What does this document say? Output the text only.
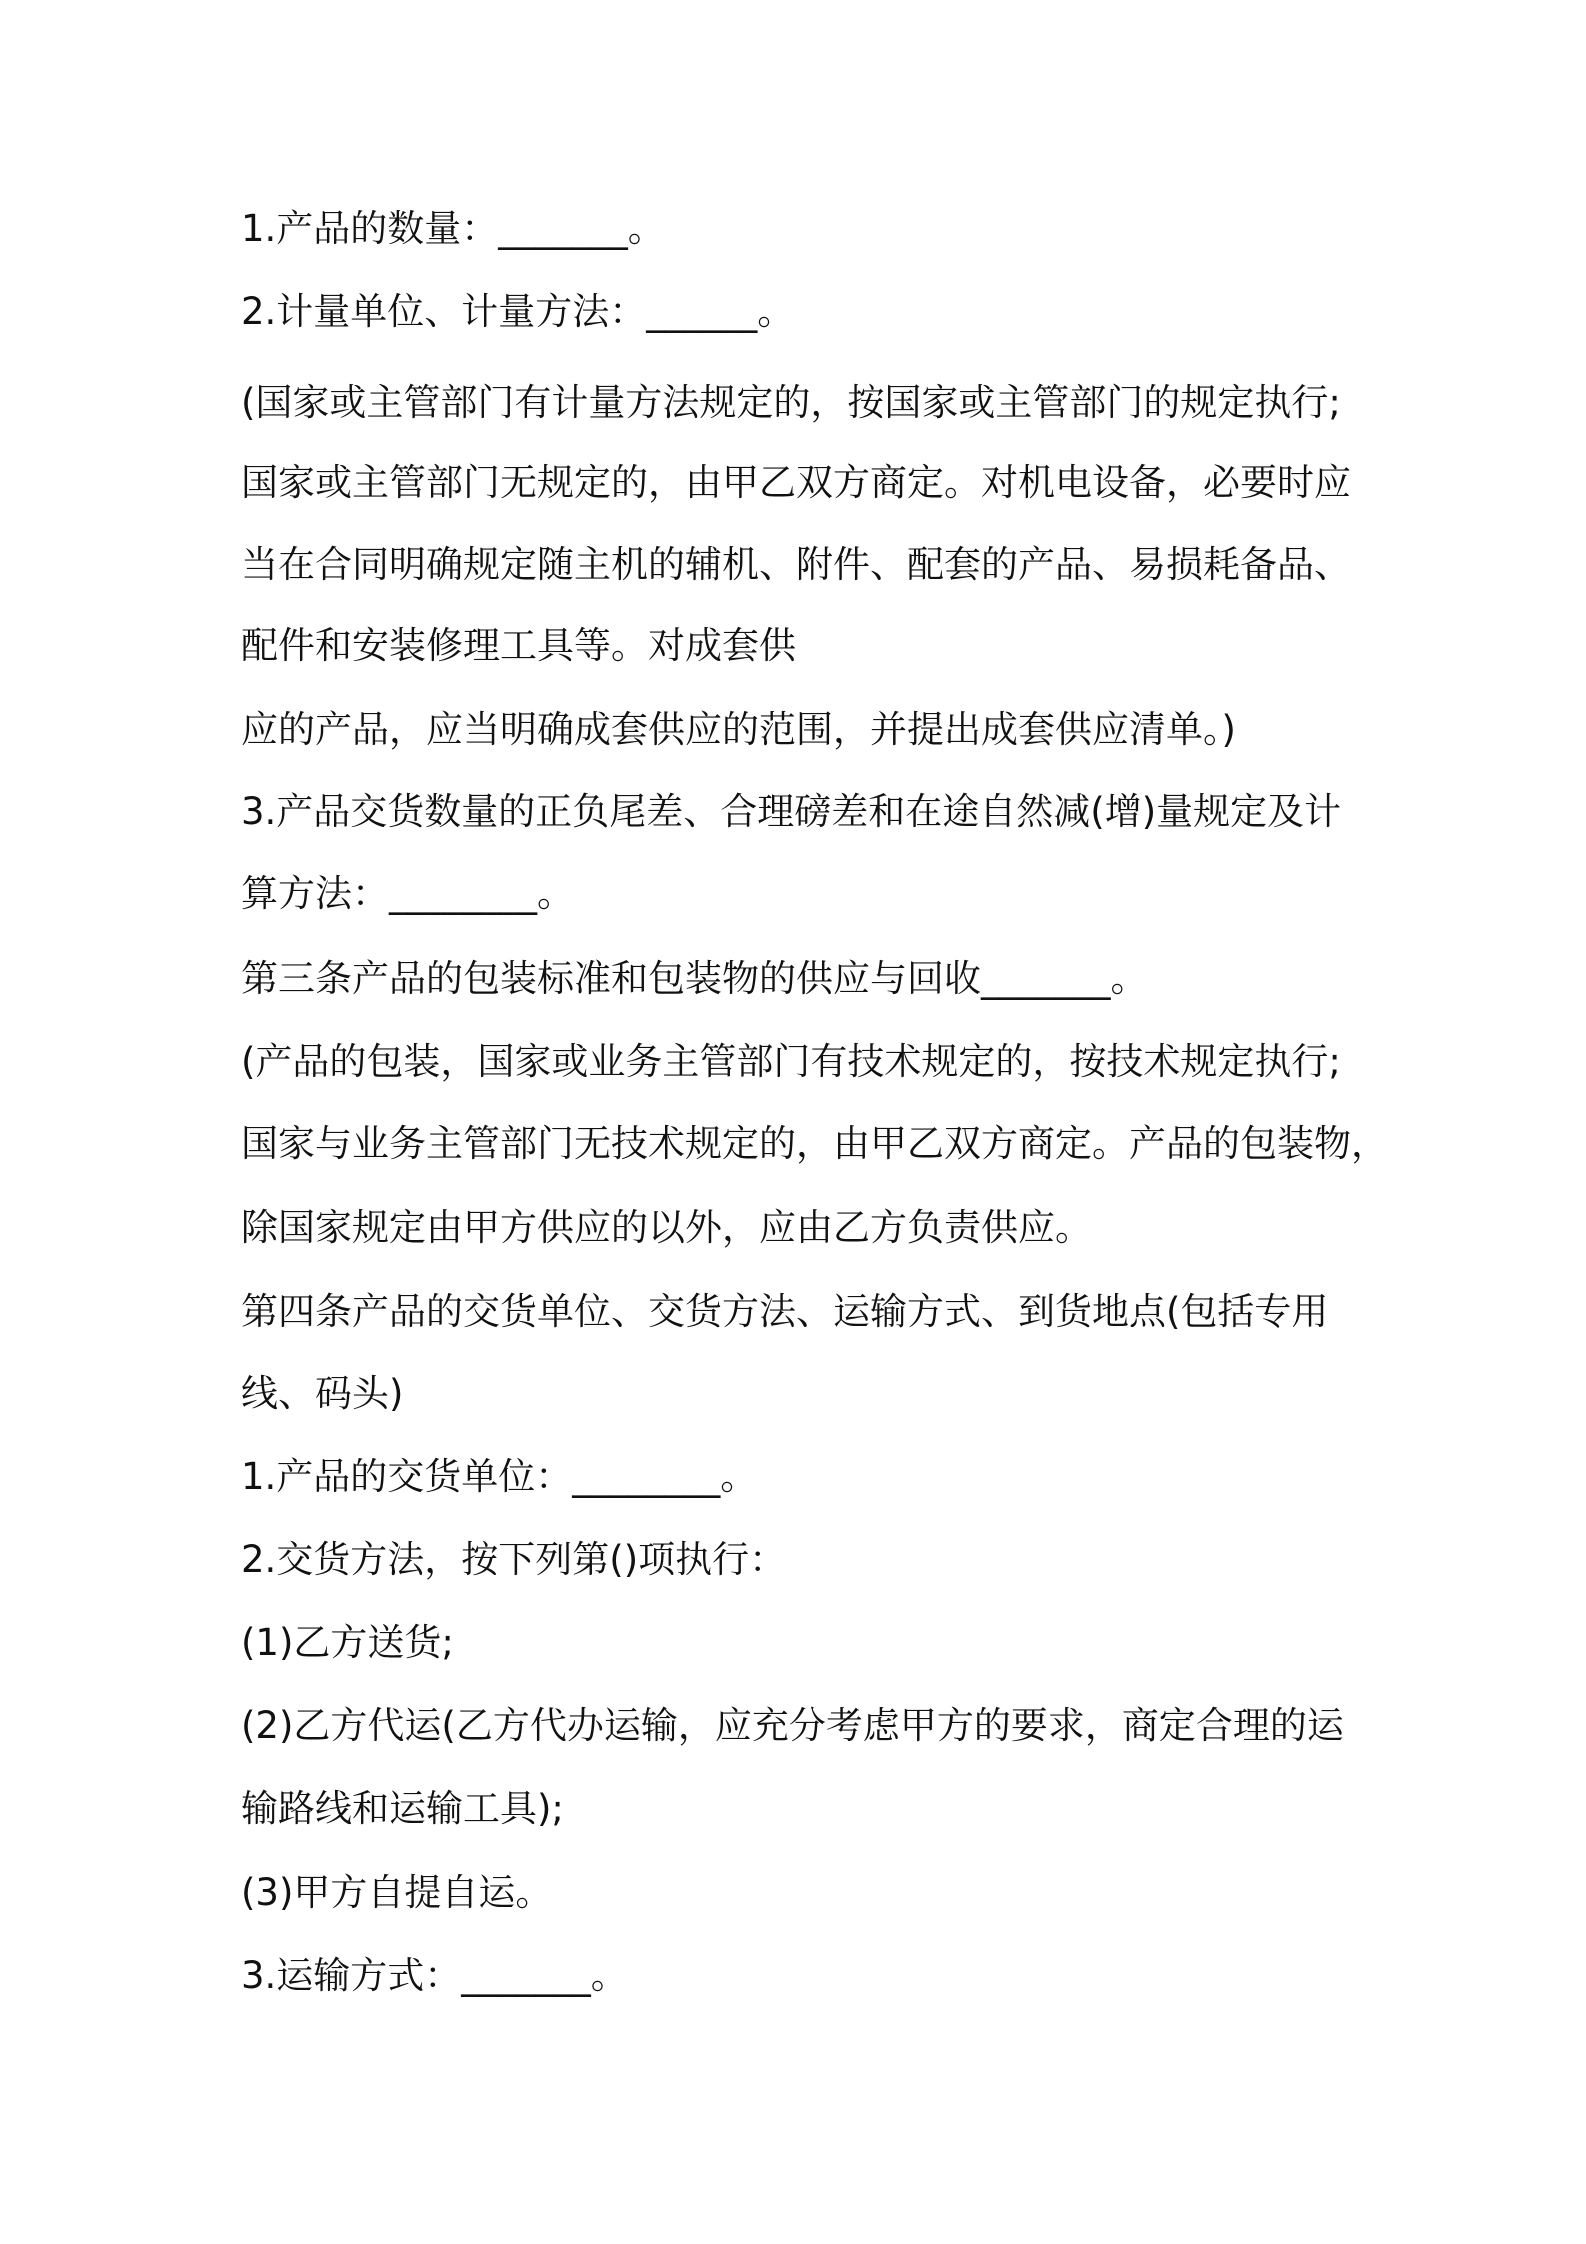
1.产品的数量：_______。
2.计量单位、计量方法：______。
(国家或主管部门有计量方法规定的，按国家或主管部门的规定执行;
国家或主管部门无规定的，由甲乙双方商定。对机电设备，必要时应
当在合同明确规定随主机的辅机、附件、配套的产品、易损耗备品、
配件和安装修理工具等。对成套供
应的产品，应当明确成套供应的范围，并提出成套供应清单。)
3.产品交货数量的正负尾差、合理磅差和在途自然减(增)量规定及计
算方法：________。
第三条产品的包装标准和包装物的供应与回收_______。
(产品的包装，国家或业务主管部门有技术规定的，按技术规定执行;
国家与业务主管部门无技术规定的，由甲乙双方商定。产品的包装物，
除国家规定由甲方供应的以外，应由乙方负责供应。
第四条产品的交货单位、交货方法、运输方式、到货地点(包括专用
线、码头)
1.产品的交货单位：________。
2.交货方法，按下列第()项执行：
(1)乙方送货;
(2)乙方代运(乙方代办运输，应充分考虑甲方的要求，商定合理的运
输路线和运输工具);
(3)甲方自提自运。
3.运输方式：_______。
